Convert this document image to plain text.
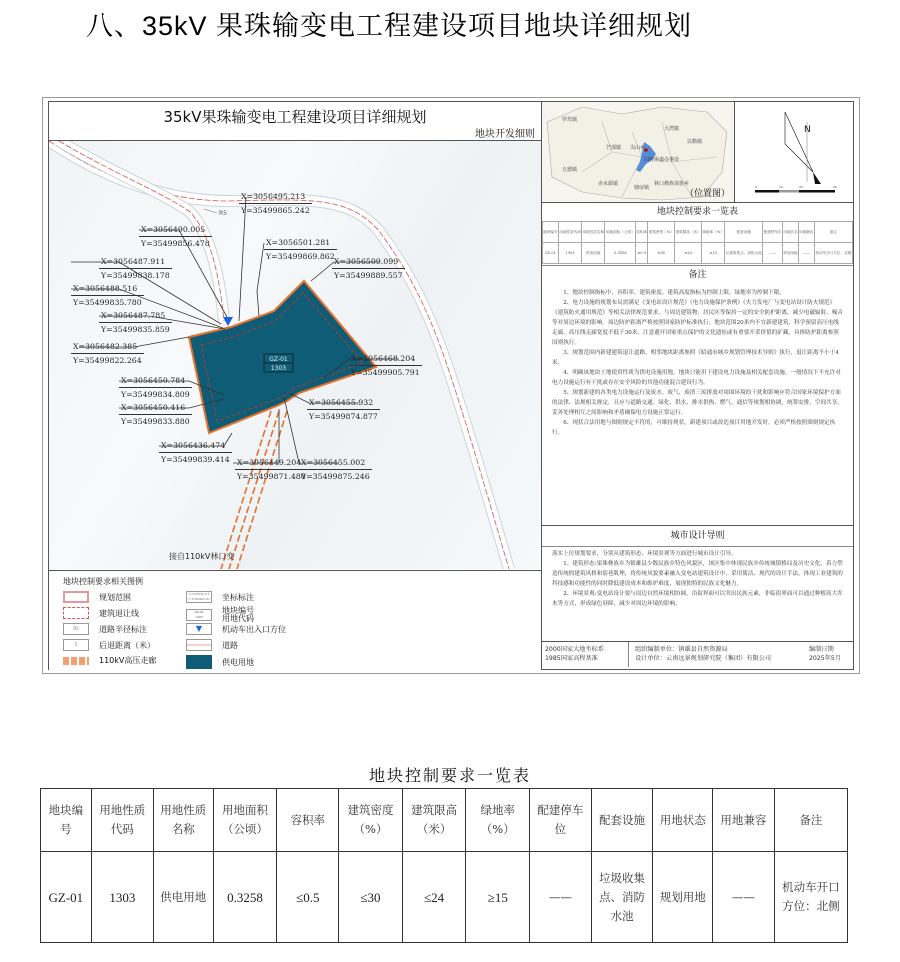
八、35kV 果珠输变电工程建设项目地块详细规划
35kV果珠输变电工程建设项目详细规划
地块开发细则
R5
GZ-01
1303
X=3056495.213
Y=35499865.242
X=3056490.005
Y=35499856.478	X=3056501.281
Y=35499869.862
X=3056487.911
Y=35499838.178
X=3056509.099
Y=35499889.557
X=3056488.516
Y=35499835.780
X=3056487.785
Y=35499835.859
X=3056468.204
Y=35499905.791
X=3056482.385
Y=35499822.264
X=3056455.932
Y=35499874.877
X=3056450.784
Y=35499834.809
X=3056450.416
Y=35499833.880
X=3056455.002
Y=35499875.246
X=3056436.474
Y=35499839.414 X=3056449.204
Y=35499871.480
接自110kV林口变
地块控制要求相关图例
规划范围
建筑退让线
R5	道路半径标注
5	后退距离（米）
110kV高压走廊
X=3056495.213
Y=35499865.242 坐标标注
GZ-01
1303
地块编号
用地代码
▼	机动车出入口方位
道路
供电用地
罗坎镇
大湾镇
以勒镇
芒部镇 尖山乡
旧府街道办事处
五德镇
赤水源镇
塘房镇
林口彝族苗族乡
（位置图）
N
0	10	20	40
地块控制要求一览表
地块编号	用地性质代码	用地性质名称	用地面积（公顷）	容积率	建筑密度（%）	建筑限高（米）	绿地率（%）	配套设施	配建停车位	用地状态	用地兼容	备注
GZ-01	1303	供电用地	0.3258	≤0.5	≤30	≤24	≥15	垃圾收集点、消防水池	——	规划用地	——	机动车开口方位：北侧
备注

1、地块控制指标中，容积率、建筑密度、建筑高度指标为控制上限，绿地率为控制下限。

2、电力设施的规划布局需满足《变电站设计规范》《电力设施保护条例》《火力发电厂与变电站设计防火规范》《建筑防火通用规范》等相关法律规范要求，与周边建筑物、居民区等保持一定的安全防护距离，减少电磁辐射、噪音等对周边环境的影响。周边防护距离严格按照国家防护标准执行，地块范围20米内不宜新建建筑，科学预留高压电线走廊，高压线走廊宽度不低于30米，注意避开国家重点保护的文化遗址或有重要开采价值的矿藏，具体防护距离参照国则执行。

3、规划范围内新建建筑退让道路，相邻地块距离参照《昭通市城乡规划管理技术导则》执行，退让距离不小于4米。

4、明确该地块土地使用性质为供电设施用地，地块只能用于建设电力设施及相关配套设施，一般情况下不允许对电力设施运行有干扰或存在安全风险的其他功能混合建设行为。

5、规划新建的各类电力设施运行及废水、废气、废渣三废排放对周围环境的干扰和影响应符合国家环境保护方面的法律、法规相关规定，且应与道路交通、绿化、供水、排水供热、燃气、通信等规划相协调，统筹安排，空间共享，妥善处理相互之间影响和矛盾确保电力设施正常运行。

6、现状合法用地与图则规定不符的，可维持现状，新建项目或改造项目用地开发时，必须严格按照图则规定执行。

城市设计导则

落实上位规划要求，分别从建筑形态、环境景观等方面进行城市设计引导。

1、建筑形态:果珠彝族乡为镇雄县少数民族乡特色风貌区，该区集中体现民族乡传统城镇格局及历史文化，着力塑造传统的建筑风格和街巷肌理，将传统风貌要素融入变电站建筑设计中，采用简洁、现代的设计手法，体现工业建筑的科技感和功能性的同时降低建设成本和维护难度，展现独特的民族文化魅力。

2、环境景观:变电站设计要与周边自然环境相协调，沿街界面可以突出民族元素，非临街界面可以通过种植高大乔木等方式，形成绿色屏障，减少对周边环境的影响。

2000国家大地坐标系
1985国家高程基准
组织编制单位：镇雄县自然资源局
设计单位：云南远景规划研究院（集团）有限公司
编制日期
2025年5月
地块控制要求一览表
地块编号	用地性质代码	用地性质名称	用地面积（公顷）	容积率	建筑密度（%）	建筑限高（米）	绿地率（%）	配建停车位	配套设施	用地状态	用地兼容	备注
GZ-01	1303	供电用地	0.3258	≤0.5	≤30	≤24	≥15	——	垃圾收集点、消防水池	规划用地	——	机动车开口方位：北侧
